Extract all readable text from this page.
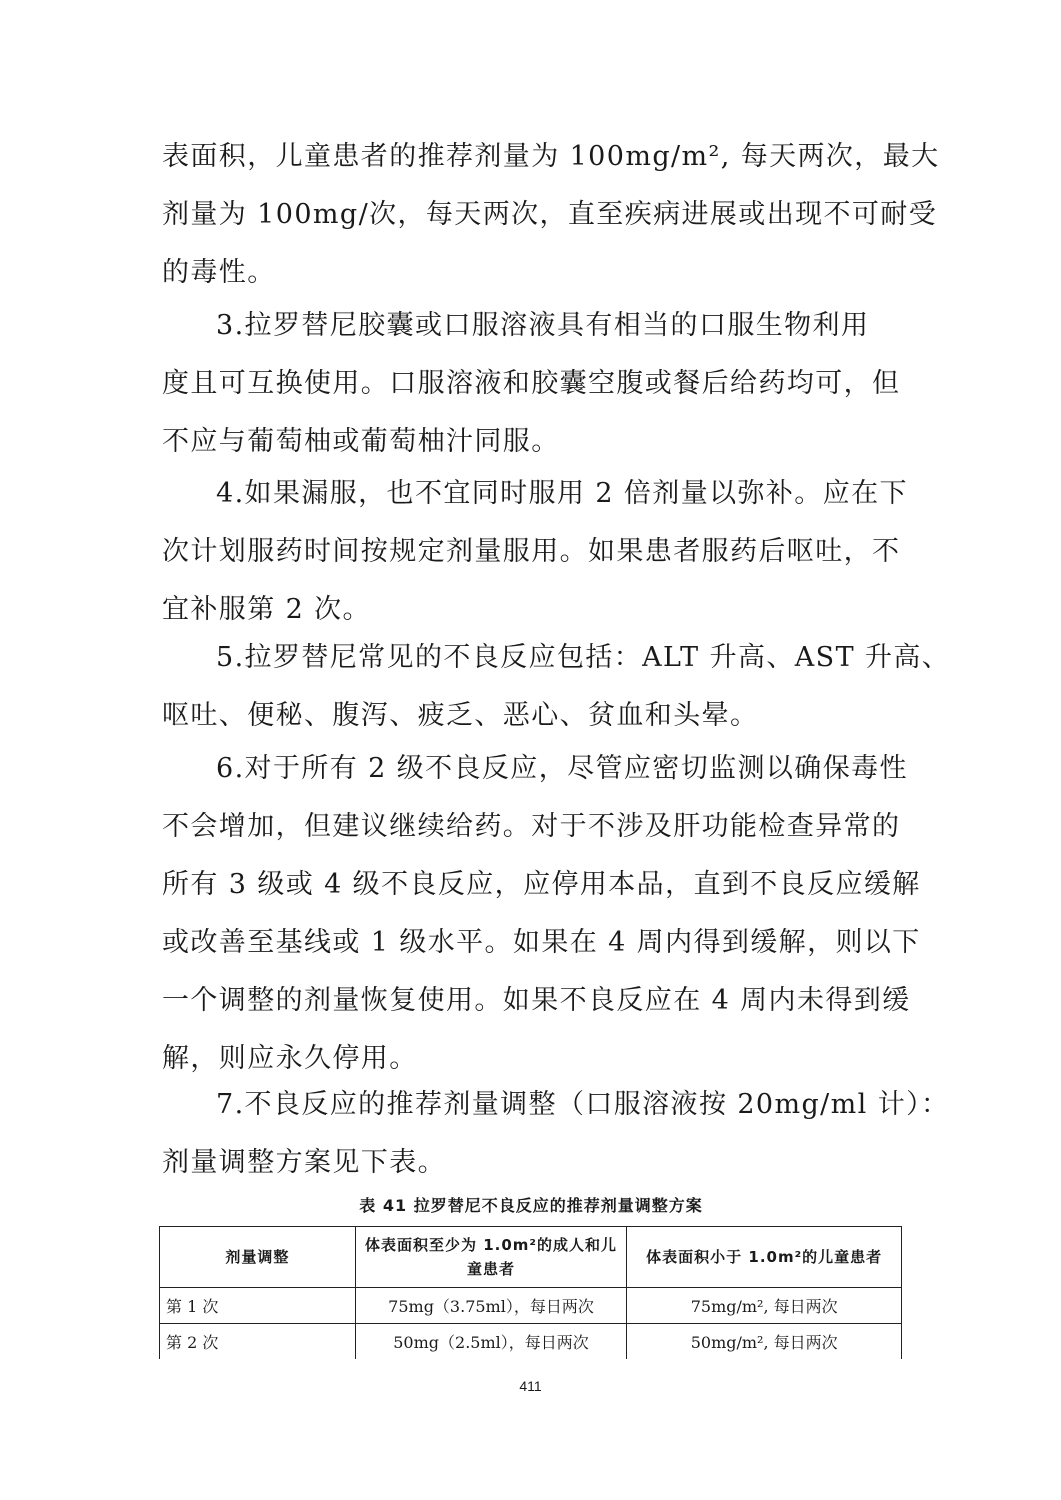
表面积，儿童患者的推荐剂量为 100mg/m², 每天两次，最大
剂量为 100mg/次，每天两次，直至疾病进展或出现不可耐受
的毒性。
3.拉罗替尼胶囊或口服溶液具有相当的口服生物利用
度且可互换使用。口服溶液和胶囊空腹或餐后给药均可，但
不应与葡萄柚或葡萄柚汁同服。
4.如果漏服，也不宜同时服用 2 倍剂量以弥补。应在下
次计划服药时间按规定剂量服用。如果患者服药后呕吐，不
宜补服第 2 次。
5.拉罗替尼常见的不良反应包括：ALT 升高、AST 升高、
呕吐、便秘、腹泻、疲乏、恶心、贫血和头晕。
6.对于所有 2 级不良反应，尽管应密切监测以确保毒性
不会增加，但建议继续给药。对于不涉及肝功能检查异常的
所有 3 级或 4 级不良反应，应停用本品，直到不良反应缓解
或改善至基线或 1 级水平。如果在 4 周内得到缓解，则以下
一个调整的剂量恢复使用。如果不良反应在 4 周内未得到缓
解，则应永久停用。
7.不良反应的推荐剂量调整（口服溶液按 20mg/ml 计）：
剂量调整方案见下表。
表 41 拉罗替尼不良反应的推荐剂量调整方案
剂量调整	体表面积至少为 1.0m²的成人和儿童患者	体表面积小于 1.0m²的儿童患者
第 1 次	75mg（3.75ml），每日两次	75mg/m², 每日两次
第 2 次	50mg（2.5ml），每日两次	50mg/m², 每日两次
411
